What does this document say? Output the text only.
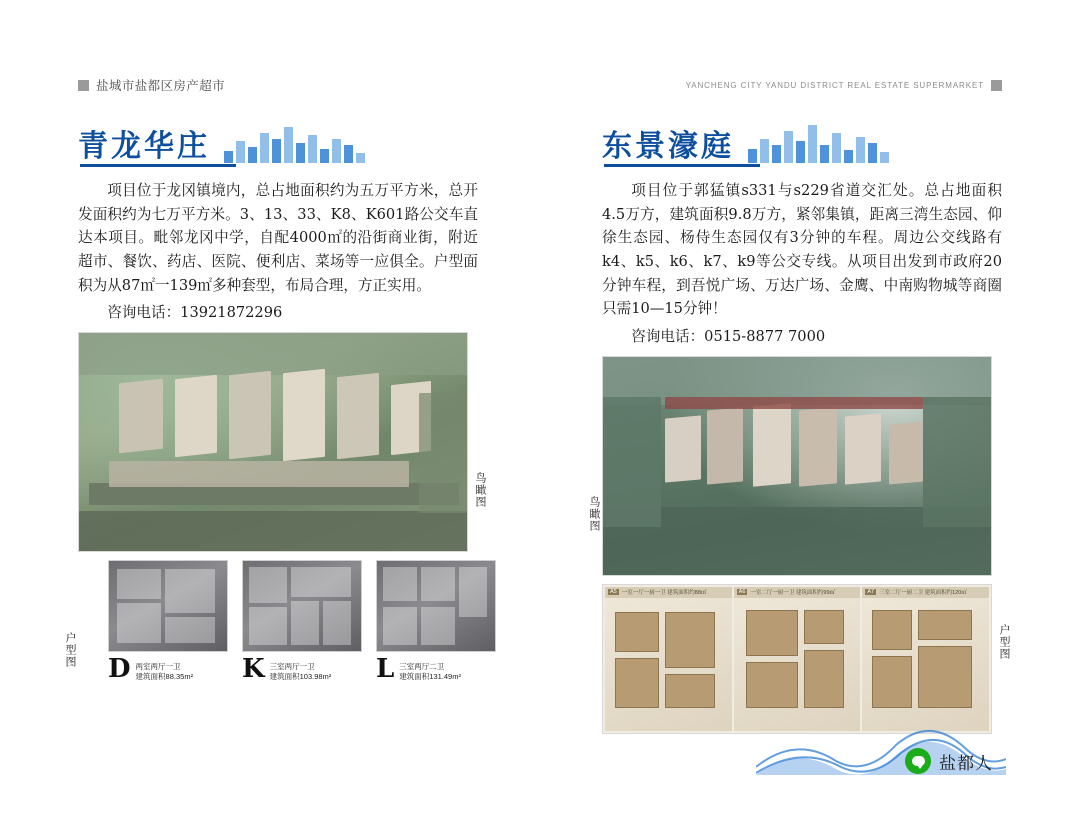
盐城市盐都区房产超市	YANCHENG CITY YANDU DISTRICT REAL ESTATE SUPERMARKET
青龙华庄
项目位于龙冈镇境内，总占地面积约为五万平方米，总开发面积约为七万平方米。3、13、33、K8、K601路公交车直达本项目。毗邻龙冈中学，自配4000㎡的沿街商业街，附近超市、餐饮、药店、医院、便利店、菜场等一应俱全。户型面积为从87㎡一139㎡多种套型，布局合理，方正实用。
咨询电话：13921872296
鸟瞰图
户型图
D 两室两厅一卫
建筑面积88.35m² K 三室两厅一卫
建筑面积103.98m² L 三室两厅二卫
建筑面积131.49m²
东景濠庭
项目位于郭猛镇s331与s229省道交汇处。总占地面积4.5万方，建筑面积9.8万方，紧邻集镇，距离三湾生态园、仰徐生态园、杨侍生态园仅有3分钟的车程。周边公交线路有k4、k5、k6、k7、k9等公交专线。从项目出发到市政府20分钟车程，到吾悦广场、万达广场、金鹰、中南购物城等商圈只需10—15分钟！
咨询电话：0515-8877 7000
鸟瞰图
A5 一室一厅一厨一卫 建筑面积约88㎡	A6 一室二厅一厨一卫 建筑面积约99㎡	A7 三室二厅一厨二卫 建筑面积约120㎡
户型图
盐都人
